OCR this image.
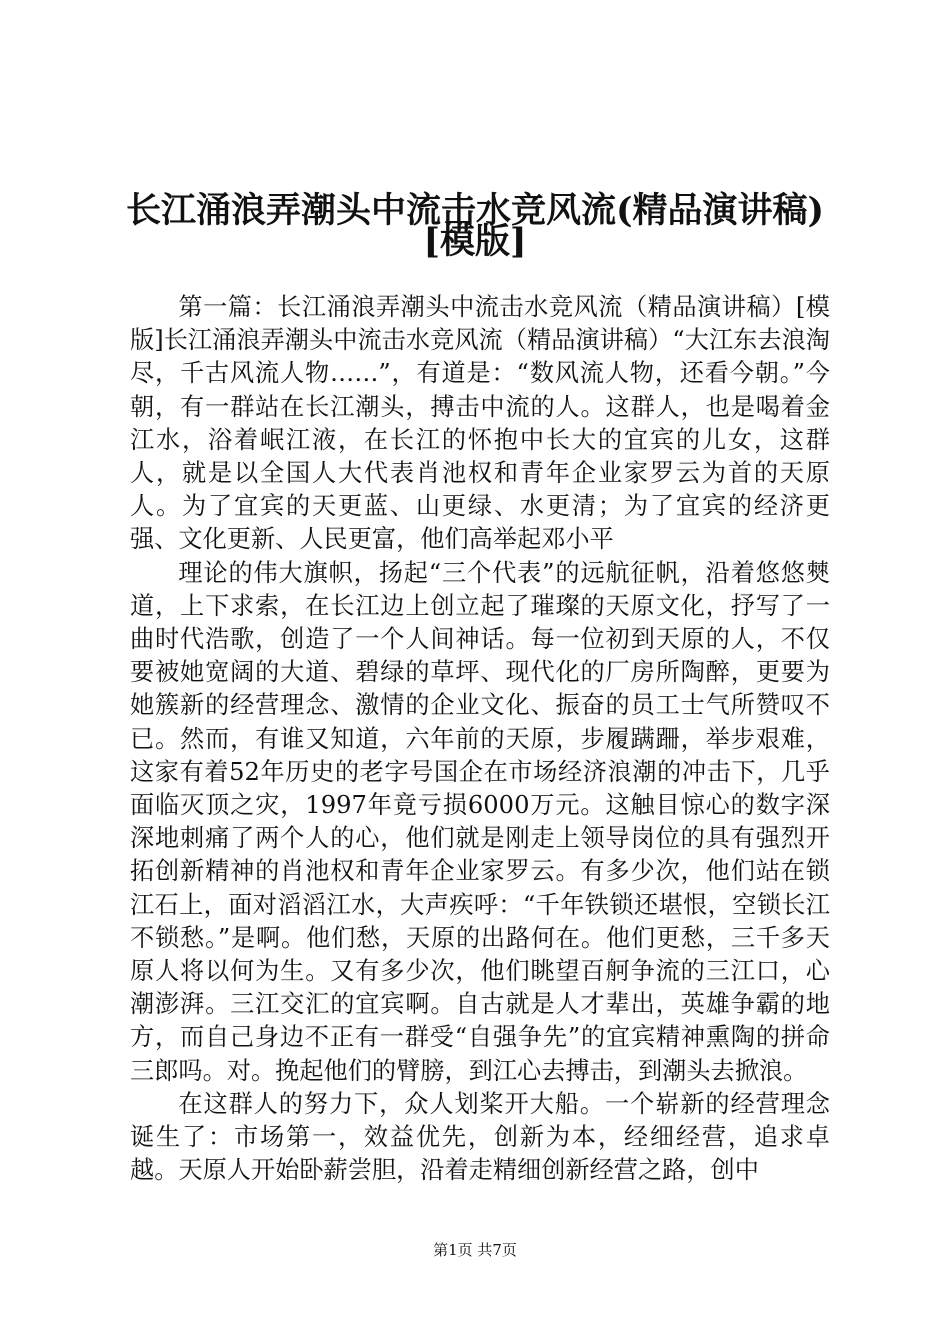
长江涌浪弄潮头中流击水竞风流(精品演讲稿)
[模版]

第一篇：长江涌浪弄潮头中流击水竞风流（精品演讲稿）[模版]长江涌浪弄潮头中流击水竞风流（精品演讲稿）“大江东去浪淘尽，千古风流人物……”，有道是：“数风流人物，还看今朝。”今朝，有一群站在长江潮头，搏击中流的人。这群人，也是喝着金江水，浴着岷江液，在长江的怀抱中长大的宜宾的儿女，这群人，就是以全国人大代表肖池权和青年企业家罗云为首的天原人。为了宜宾的天更蓝、山更绿、水更清；为了宜宾的经济更强、文化更新、人民更富，他们高举起邓小平

理论的伟大旗帜，扬起“三个代表”的远航征帆，沿着悠悠僰道，上下求索，在长江边上创立起了璀璨的天原文化，抒写了一曲时代浩歌，创造了一个人间神话。每一位初到天原的人，不仅要被她宽阔的大道、碧绿的草坪、现代化的厂房所陶醉，更要为她簇新的经营理念、激情的企业文化、振奋的员工士气所赞叹不已。然而，有谁又知道，六年前的天原，步履蹒跚，举步艰难，这家有着52年历史的老字号国企在市场经济浪潮的冲击下，几乎面临灭顶之灾，1997年竟亏损6000万元。这触目惊心的数字深深地刺痛了两个人的心，他们就是刚走上领导岗位的具有强烈开拓创新精神的肖池权和青年企业家罗云。有多少次，他们站在锁江石上，面对滔滔江水，大声疾呼：“千年铁锁还堪恨，空锁长江不锁愁。”是啊。他们愁，天原的出路何在。他们更愁，三千多天原人将以何为生。又有多少次，他们眺望百舸争流的三江口，心潮澎湃。三江交汇的宜宾啊。自古就是人才辈出，英雄争霸的地方，而自己身边不正有一群受“自强争先”的宜宾精神熏陶的拼命三郎吗。对。挽起他们的臂膀，到江心去搏击，到潮头去掀浪。

在这群人的努力下，众人划桨开大船。一个崭新的经营理念诞生了：市场第一，效益优先，创新为本，经细经营，追求卓越。天原人开始卧薪尝胆，沿着走精细创新经营之路，创中

第1页 共7页
